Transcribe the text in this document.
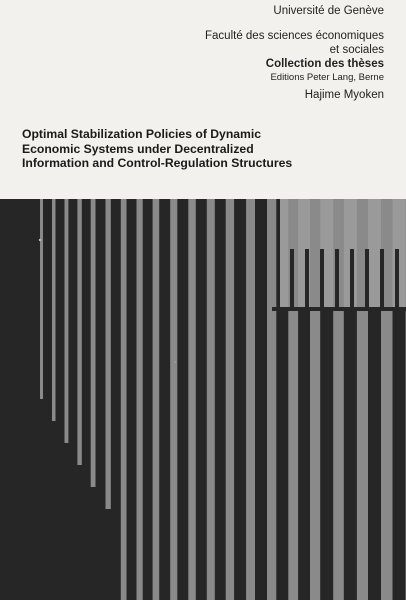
Université de Genève
Faculté des sciences économiques
et sociales
Collection des thèses
Editions Peter Lang, Berne
Hajime Myoken
Optimal Stabilization Policies of Dynamic
Economic Systems under Decentralized
Information and Control-Regulation Structures
